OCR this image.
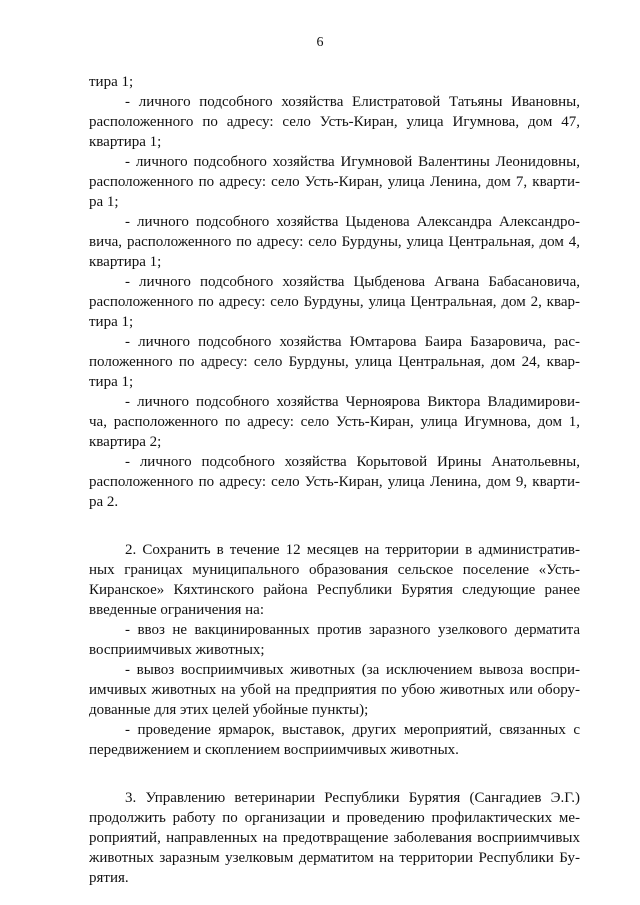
6
тира 1;
- личного подсобного хозяйства Елистратовой Татьяны Ивановны,
расположенного по адресу: село Усть-Киран, улица Игумнова, дом 47,
квартира 1;
- личного подсобного хозяйства Игумновой Валентины Леонидовны,
расположенного по адресу: село Усть-Киран, улица Ленина, дом 7, кварти-
ра 1;
- личного подсобного хозяйства Цыденова Александра Александро-
вича, расположенного по адресу: село Бурдуны, улица Центральная, дом 4,
квартира 1;
- личного подсобного хозяйства Цыбденова Агвана Бабасановича,
расположенного по адресу: село Бурдуны, улица Центральная, дом 2, квар-
тира 1;
- личного подсобного хозяйства Юмтарова Баира Базаровича, рас-
положенного по адресу: село Бурдуны, улица Центральная, дом 24, квар-
тира 1;
- личного подсобного хозяйства Черноярова Виктора Владимирови-
ча, расположенного по адресу: село Усть-Киран, улица Игумнова, дом 1,
квартира 2;
- личного подсобного хозяйства Корытовой Ирины Анатольевны,
расположенного по адресу: село Усть-Киран, улица Ленина, дом 9, кварти-
ра 2.
2. Сохранить в течение 12 месяцев на территории в административ-
ных границах муниципального образования сельское поселение «Усть-
Киранское» Кяхтинского района Республики Бурятия следующие ранее
введенные ограничения на:
- ввоз не вакцинированных против заразного узелкового дерматита
восприимчивых животных;
- вывоз восприимчивых животных (за исключением вывоза воспри-
имчивых животных на убой на предприятия по убою животных или обору-
дованные для этих целей убойные пункты);
- проведение ярмарок, выставок, других мероприятий, связанных с
передвижением и скоплением восприимчивых животных.
3. Управлению ветеринарии Республики Бурятия (Сангадиев Э.Г.)
продолжить работу по организации и проведению профилактических ме-
роприятий, направленных на предотвращение заболевания восприимчивых
животных заразным узелковым дерматитом на территории Республики Бу-
рятия.
